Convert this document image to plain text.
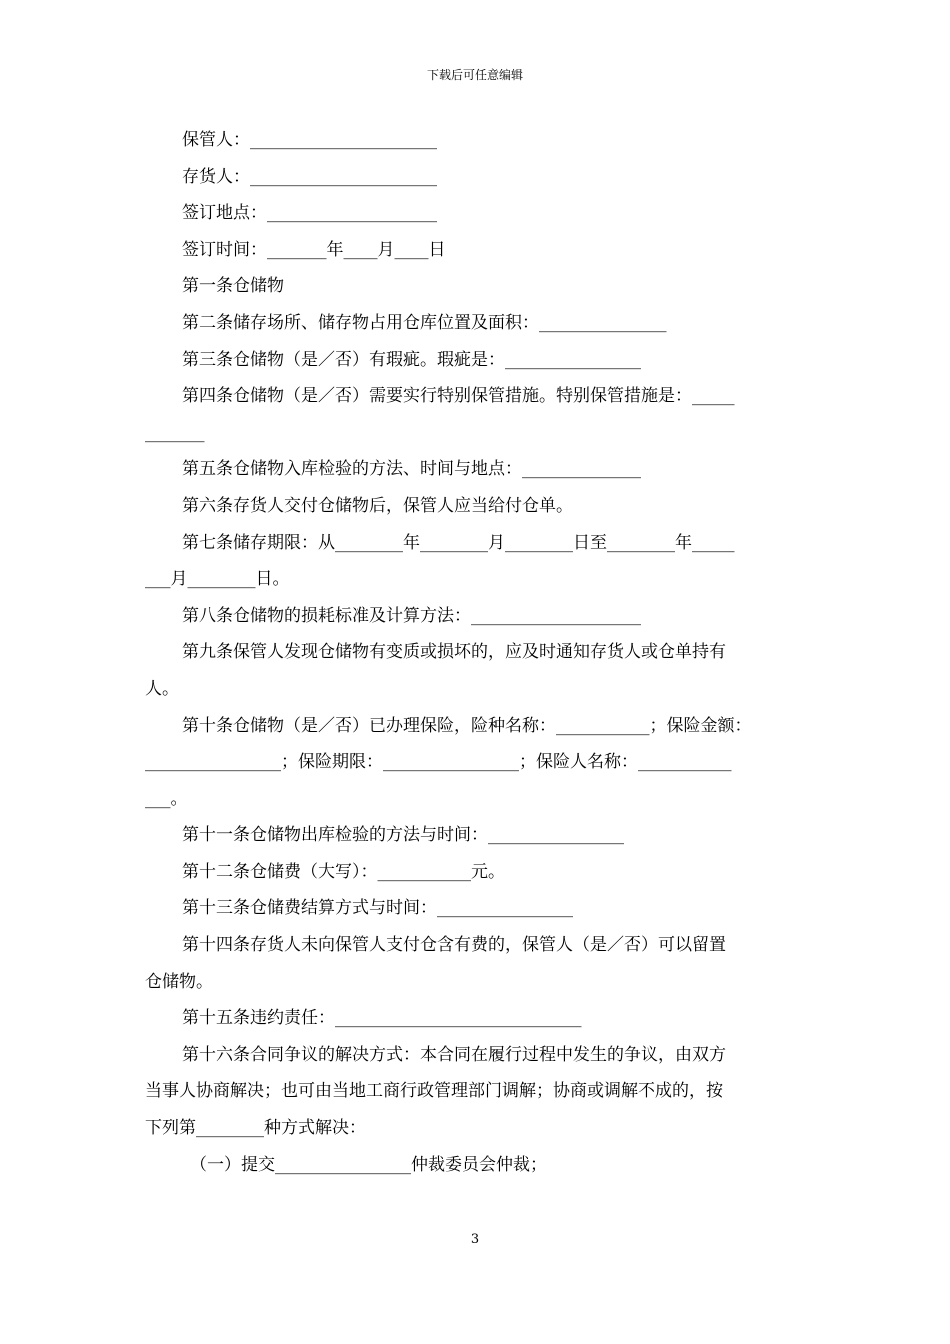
下载后可任意编辑
保管人：______________________
存货人：______________________
签订地点：____________________
签订时间：_______年____月____日
第一条仓储物
第二条储存场所、储存物占用仓库位置及面积：_______________
第三条仓储物（是／否）有瑕疵。瑕疵是：________________
第四条仓储物（是／否）需要实行特别保管措施。特别保管措施是：_____
_______
第五条仓储物入库检验的方法、时间与地点：______________
第六条存货人交付仓储物后，保管人应当给付仓单。
第七条储存期限：从________年________月________日至________年_____
___月________日。
第八条仓储物的损耗标准及计算方法：____________________
第九条保管人发现仓储物有变质或损坏的，应及时通知存货人或仓单持有
人。
第十条仓储物（是／否）已办理保险，险种名称：___________；保险金额：
________________；保险期限：________________；保险人名称：___________
___。
第十一条仓储物出库检验的方法与时间：________________
第十二条仓储费（大写）：___________元。
第十三条仓储费结算方式与时间：________________
第十四条存货人未向保管人支付仓含有费的，保管人（是／否）可以留置
仓储物。
第十五条违约责任：_____________________________
第十六条合同争议的解决方式：本合同在履行过程中发生的争议，由双方
当事人协商解决；也可由当地工商行政管理部门调解；协商或调解不成的，按
下列第________种方式解决：
（一）提交________________仲裁委员会仲裁；
3
